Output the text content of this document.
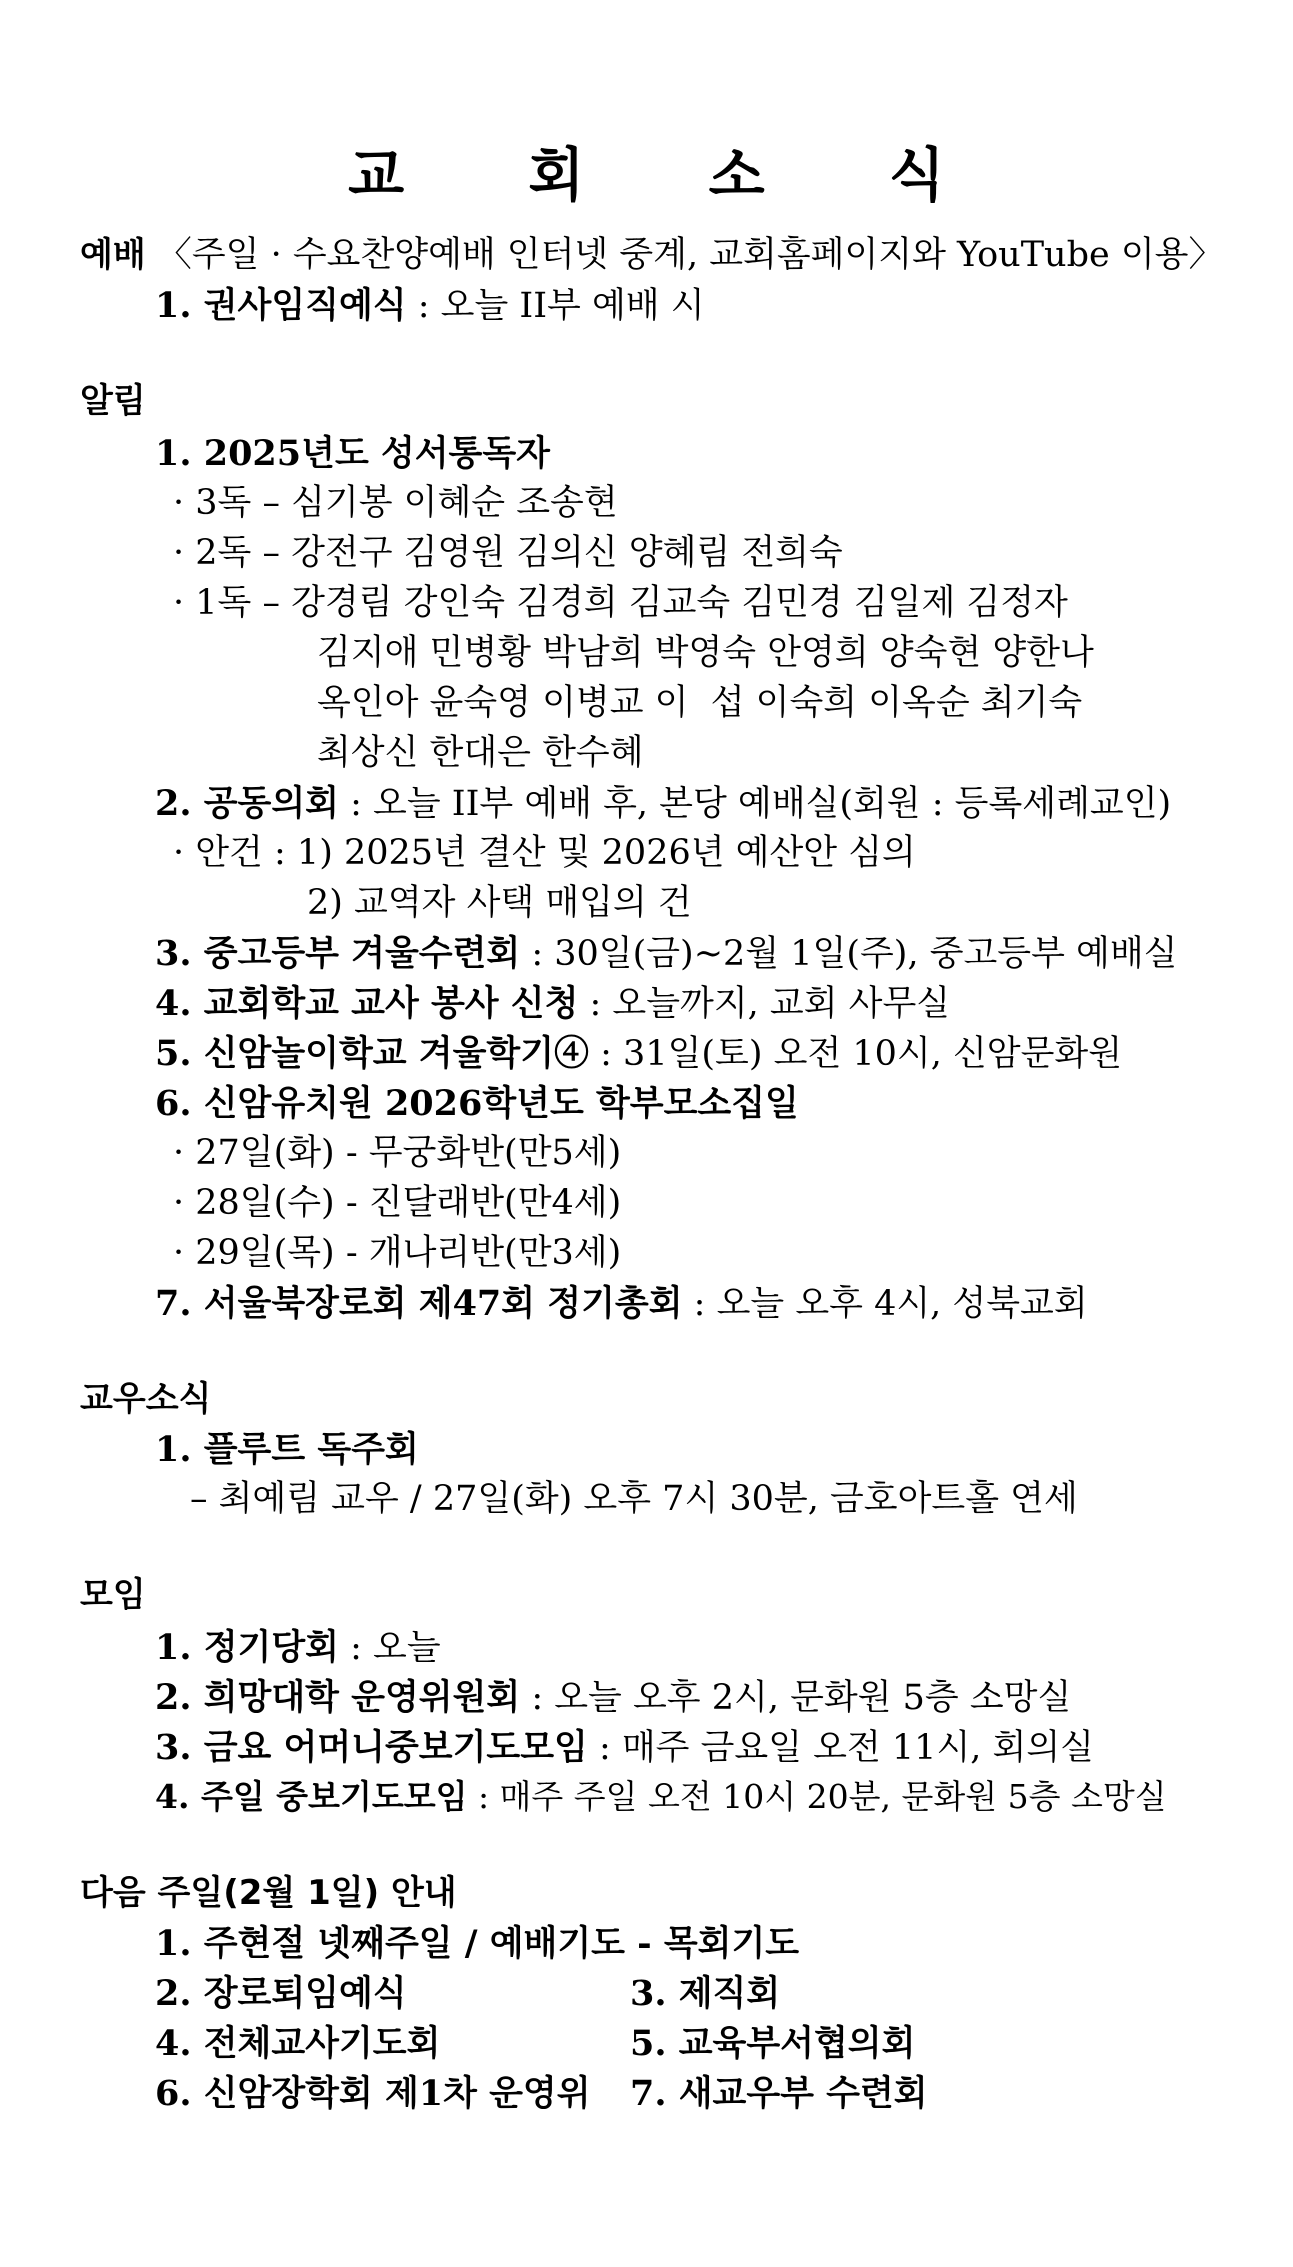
교 회 소 식
예배 〈주일 · 수요찬양예배 인터넷 중계, 교회홈페이지와 YouTube 이용〉
1. 권사임직예식 : 오늘 II부 예배 시
알림
1. 2025년도 성서통독자
· 3독 – 심기봉 이혜순 조송현
· 2독 – 강전구 김영원 김의신 양혜림 전희숙
· 1독 – 강경림 강인숙 김경희 김교숙 김민경 김일제 김정자
김지애 민병황 박남희 박영숙 안영희 양숙현 양한나
옥인아 윤숙영 이병교 이  섭 이숙희 이옥순 최기숙
최상신 한대은 한수혜
2. 공동의회 : 오늘 II부 예배 후, 본당 예배실(회원 : 등록세례교인)
· 안건 : 1) 2025년 결산 및 2026년 예산안 심의
2) 교역자 사택 매입의 건
3. 중고등부 겨울수련회 : 30일(금)~2월 1일(주), 중고등부 예배실
4. 교회학교 교사 봉사 신청 : 오늘까지, 교회 사무실
5. 신암놀이학교 겨울학기④ : 31일(토) 오전 10시, 신암문화원
6. 신암유치원 2026학년도 학부모소집일
· 27일(화) - 무궁화반(만5세)
· 28일(수) - 진달래반(만4세)
· 29일(목) - 개나리반(만3세)
7. 서울북장로회 제47회 정기총회 : 오늘 오후 4시, 성북교회
교우소식
1. 플루트 독주회
– 최예림 교우 / 27일(화) 오후 7시 30분, 금호아트홀 연세
모임
1. 정기당회 : 오늘
2. 희망대학 운영위원회 : 오늘 오후 2시, 문화원 5층 소망실
3. 금요 어머니중보기도모임 : 매주 금요일 오전 11시, 회의실
4. 주일 중보기도모임 : 매주 주일 오전 10시 20분, 문화원 5층 소망실
다음 주일(2월 1일) 안내
1. 주현절 넷째주일 / 예배기도 - 목회기도
2. 장로퇴임예식	3. 제직회
4. 전체교사기도회	5. 교육부서협의회
6. 신암장학회 제1차 운영위 7. 새교우부 수련회
